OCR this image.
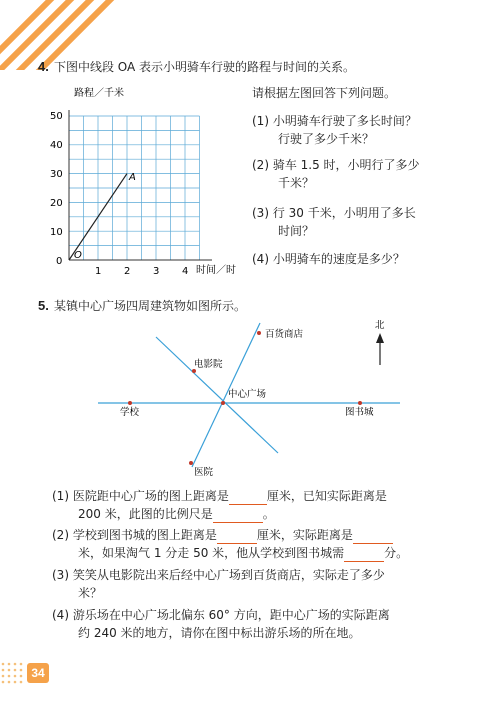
4. 下图中线段 OA 表示小明骑车行驶的路程与时间的关系。
路程／千米
50
40
30
20
10
0
1 2 3 4 时间／时
A
O
请根据左图回答下列问题。
(1) 小明骑车行驶了多长时间？
行驶了多少千米？
(2) 骑车 1.5 时，小明行了多少
千米？
(3) 行 30 千米，小明用了多长
时间？
(4) 小明骑车的速度是多少？
5. 某镇中心广场四周建筑物如图所示。
中心广场
百货商店
电影院
学校	图书城
医院
北
(1) 医院距中心广场的图上距离是	厘米，已知实际距离是
200 米，此图的比例尺是	。
(2) 学校到图书城的图上距离是	厘米，实际距离是
米，如果淘气 1 分走 50 米，他从学校到图书城需	分。
(3) 笑笑从电影院出来后经中心广场到百货商店，实际走了多少
米？
(4) 游乐场在中心广场北偏东 60° 方向，距中心广场的实际距离
约 240 米的地方，请你在图中标出游乐场的所在地。
34
